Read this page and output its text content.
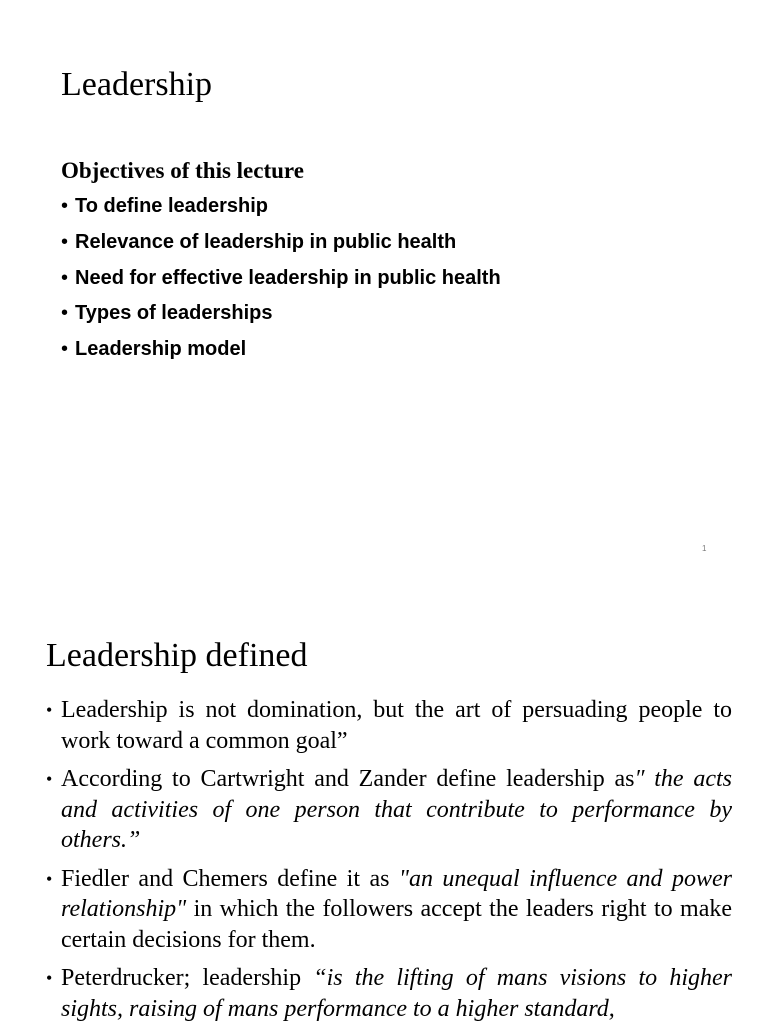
Leadership
Objectives of this lecture
• To define leadership
• Relevance of leadership in public health
• Need for effective leadership in public health
• Types of leaderships
• Leadership model
1
Leadership defined
• Leadership is not domination, but the art of persuading people to work toward a common goal”
• According to Cartwright and Zander define leadership as″ the acts and activities of one person that contribute to performance by others.”
• Fiedler and Chemers define it as "an unequal influence and power relationship" in which the followers accept the leaders right to make certain decisions for them.
• Peterdrucker; leadership “is the lifting of mans visions to higher sights, raising of mans performance to a higher standard,
